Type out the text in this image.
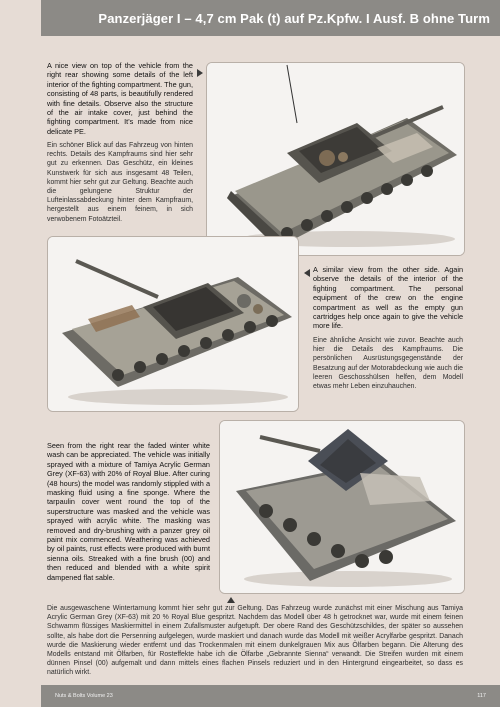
Panzerjäger I – 4,7 cm Pak (t) auf Pz.Kpfw. I Ausf. B ohne Turm
A nice view on top of the vehicle from the right rear showing some details of the left interior of the fighting compartment. The gun, consisting of 48 parts, is beautifully rendered with fine details. Observe also the structure of the air intake cover, just behind the fighting compartment. It's made from nice delicate PE.
Ein schöner Blick auf das Fahrzeug von hinten rechts. Details des Kampfraums sind hier sehr gut zu erkennen. Das Geschütz, ein kleines Kunstwerk für sich aus insgesamt 48 Teilen, kommt hier sehr gut zur Geltung. Beachte auch die gelungene Struktur der Lufteinlassabdeckung hinter dem Kampfraum, hergestellt aus einem feinem, in sich verwobenem Fotoätzteil.
A similar view from the other side. Again observe the details of the interior of the fighting compartment. The personal equipment of the crew on the engine compartment as well as the empty gun cartridges help once again to give the vehicle more life.
Eine ähnliche Ansicht wie zuvor. Beachte auch hier die Details des Kampfraums. Die persönlichen Ausrüstungsgegenstände der Besatzung auf der Motorabdeckung wie auch die leeren Geschosshülsen helfen, dem Modell etwas mehr Leben einzuhauchen.
Seen from the right rear the faded winter white wash can be appreciated. The vehicle was initially sprayed with a mixture of Tamiya Acrylic German Grey (XF-63) with 20% of Royal Blue. After curing (48 hours) the model was randomly stippled with a masking fluid using a fine sponge. Where the tarpaulin cover went round the top of the superstructure was masked and the vehicle was sprayed with acrylic white. The masking was removed and dry-brushing with a panzer grey oil paint mix commenced. Weathering was achieved by oil paints, rust effects were produced with burnt sienna oils. Streaked with a fine brush (00) and then reduced and blended with a white spirit dampened flat sable.
Die ausgewaschene Wintertarnung kommt hier sehr gut zur Geltung. Das Fahrzeug wurde zunächst mit einer Mischung aus Tamiya Acrylic German Grey (XF-63) mit 20 % Royal Blue gespritzt. Nachdem das Modell über 48 h getrocknet war, wurde mit einem feinen Schwamm flüssiges Maskiermittel in einem Zufallsmuster aufgetupft. Der obere Rand des Geschützschildes, der später so aussehen sollte, als habe dort die Persenning aufgelegen, wurde maskiert und danach wurde das Modell mit weißer Acrylfarbe gespritzt. Danach wurde die Maskierung wieder entfernt und das Trockenmalen mit einem dunkelgrauen Mix aus Ölfarben begann. Die Alterung des Modells entstand mit Ölfarben, für Rosteffekte habe ich die Ölfarbe „Gebrannte Sienna“ verwandt. Die Streifen wurden mit einem dünnen Pinsel (00) aufgemalt und dann mittels eines flachen Pinsels reduziert und in den Hintergrund eingearbeitet, so dass es natürlich wirkt.
Nuts & Bolts Volume 23	117
